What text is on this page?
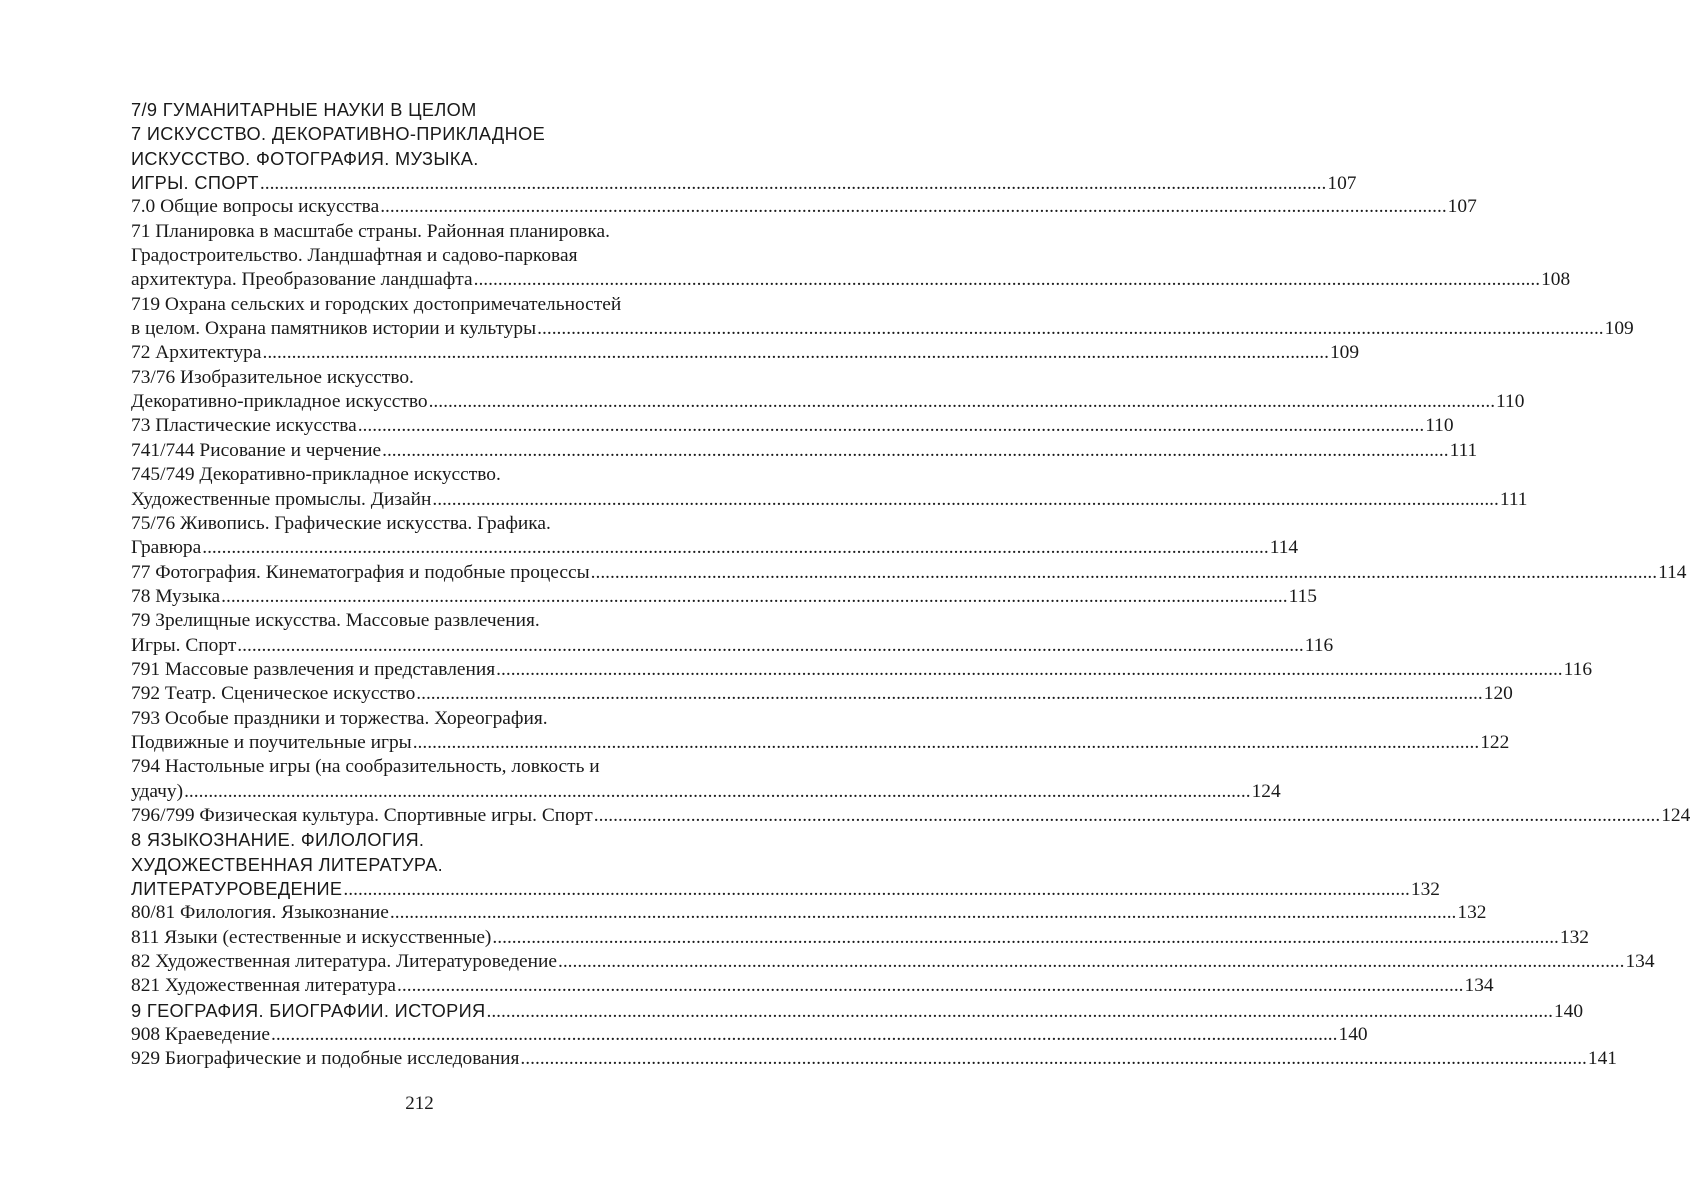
7/9 ГУМАНИТАРНЫЕ НАУКИ В ЦЕЛОМ
7 ИСКУССТВО. ДЕКОРАТИВНО-ПРИКЛАДНОЕ
ИСКУССТВО. ФОТОГРАФИЯ. МУЗЫКА.
ИГРЫ. СПОРТ ............................................................................................................................................................................................................................ 107
7.0 Общие вопросы искусства ............................................................................................................................................................................................................................ 107
71 Планировка в масштабе страны. Районная планировка.
Градостроительство. Ландшафтная и садово-парковая
архитектура. Преобразование ландшафта ............................................................................................................................................................................................................................ 108
719 Охрана сельских и городских достопримечательностей
в целом. Охрана памятников истории и культуры ............................................................................................................................................................................................................................ 109
72 Архитектура ............................................................................................................................................................................................................................ 109
73/76 Изобразительное искусство.
Декоративно-прикладное искусство ............................................................................................................................................................................................................................ 110
73 Пластические искусства ............................................................................................................................................................................................................................ 110
741/744 Рисование и черчение ............................................................................................................................................................................................................................ 111
745/749 Декоративно-прикладное искусство.
Художественные промыслы. Дизайн ............................................................................................................................................................................................................................ 111
75/76 Живопись. Графические искусства. Графика.
Гравюра ............................................................................................................................................................................................................................ 114
77 Фотография. Кинематография и подобные процессы ............................................................................................................................................................................................................................ 114
78 Музыка ............................................................................................................................................................................................................................ 115
79 Зрелищные искусства. Массовые развлечения.
Игры. Спорт ............................................................................................................................................................................................................................ 116
791 Массовые развлечения и представления ............................................................................................................................................................................................................................ 116
792 Театр. Сценическое искусство ............................................................................................................................................................................................................................ 120
793 Особые праздники и торжества. Хореография.
Подвижные и поучительные игры ............................................................................................................................................................................................................................ 122
794 Настольные игры (на сообразительность, ловкость и
удачу) ............................................................................................................................................................................................................................ 124
796/799 Физическая культура. Спортивные игры. Спорт ............................................................................................................................................................................................................................ 124
8 ЯЗЫКОЗНАНИЕ. ФИЛОЛОГИЯ.
ХУДОЖЕСТВЕННАЯ ЛИТЕРАТУРА.
ЛИТЕРАТУРОВЕДЕНИЕ ............................................................................................................................................................................................................................ 132
80/81 Филология. Языкознание ............................................................................................................................................................................................................................ 132
811 Языки (естественные и искусственные) ............................................................................................................................................................................................................................ 132
82 Художественная литература. Литературоведение ............................................................................................................................................................................................................................ 134
821 Художественная литература ............................................................................................................................................................................................................................ 134
9 ГЕОГРАФИЯ. БИОГРАФИИ. ИСТОРИЯ ............................................................................................................................................................................................................................ 140
908 Краеведение ............................................................................................................................................................................................................................ 140
929 Биографические и подобные исследования ............................................................................................................................................................................................................................ 141
212
